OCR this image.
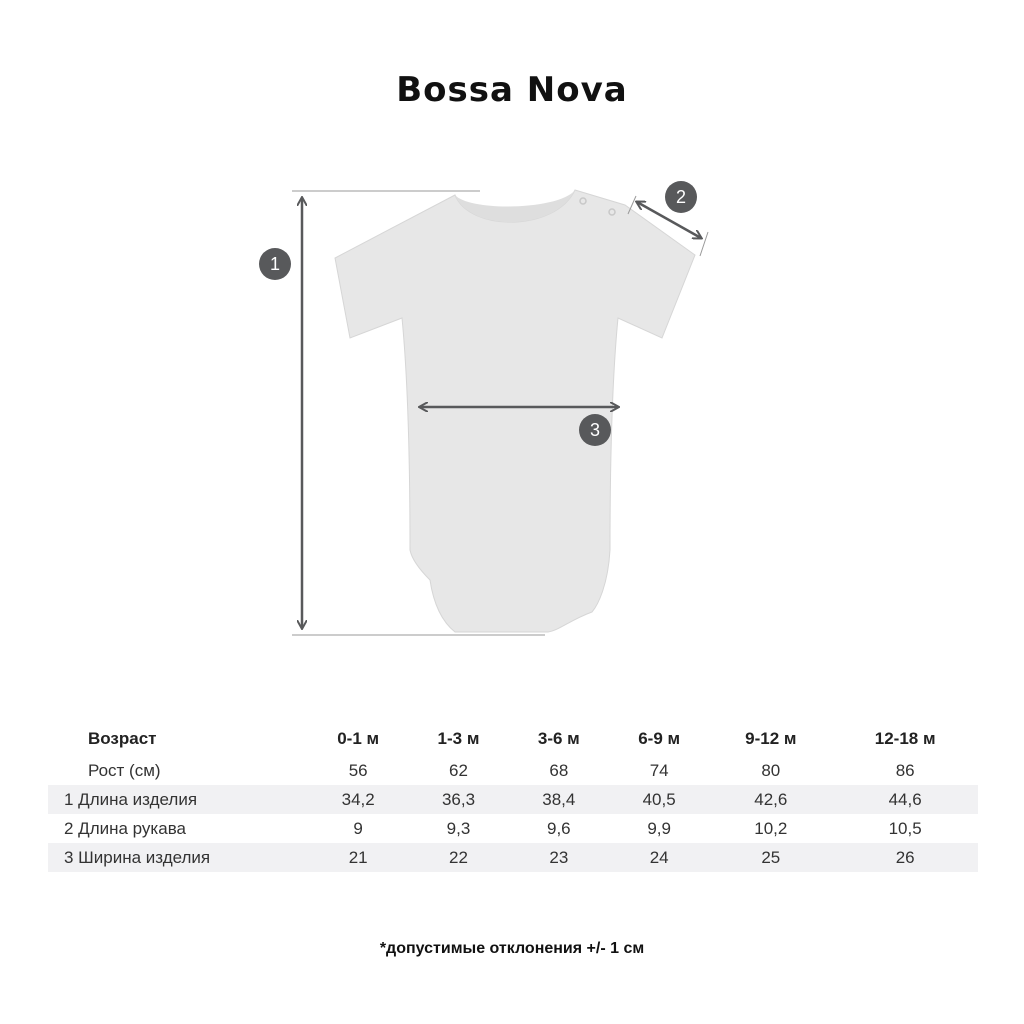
Bossa Nova
1
2
3
Возраст	0-1 м	1-3 м	3-6 м	6-9 м	9-12 м	12-18 м
Рост (см)	56	62	68	74	80	86
1 Длина изделия	34,2	36,3	38,4	40,5	42,6	44,6
2 Длина рукава	9	9,3	9,6	9,9	10,2	10,5
3 Ширина изделия	21	22	23	24	25	26
*допустимые отклонения +/- 1 см
